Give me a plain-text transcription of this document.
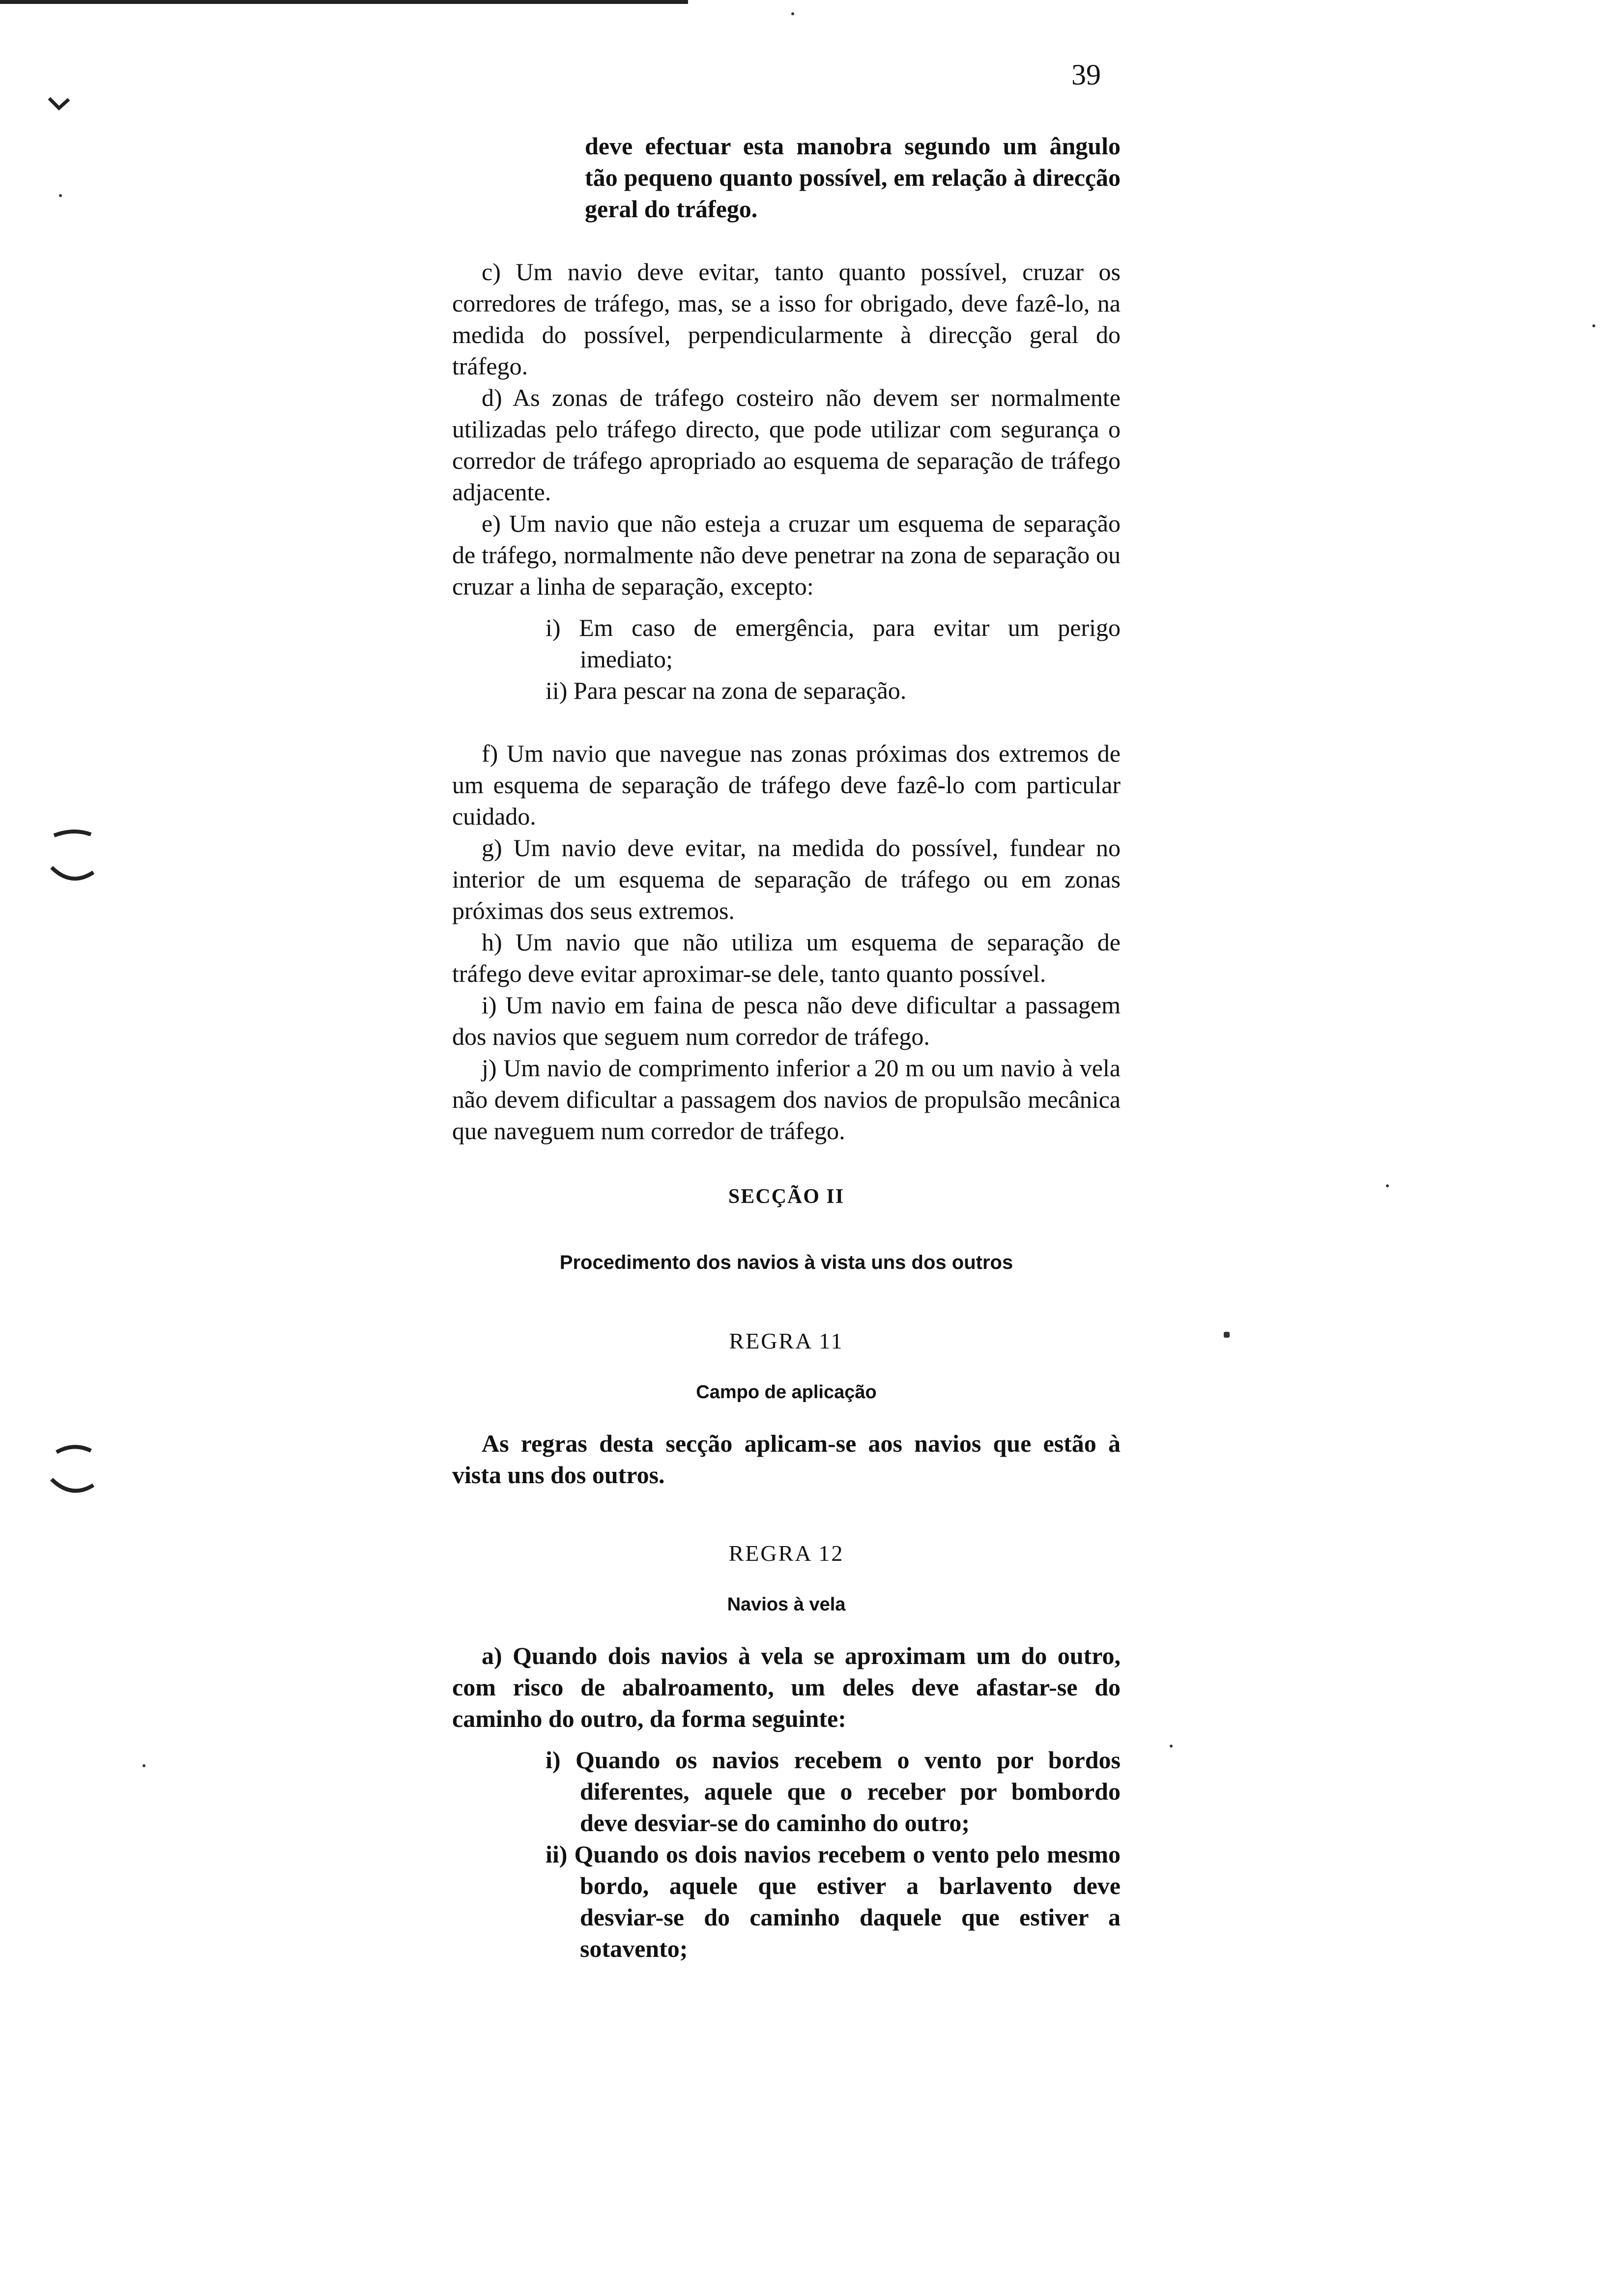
39

deve efectuar esta manobra segundo um ângulo tão pequeno quanto possível, em relação à direcção geral do tráfego.

c) Um navio deve evitar, tanto quanto possível, cruzar os corredores de tráfego, mas, se a isso for obrigado, deve fazê-lo, na medida do possível, perpendicularmente à direcção geral do tráfego.

d) As zonas de tráfego costeiro não devem ser normalmente utilizadas pelo tráfego directo, que pode utilizar com segurança o corredor de tráfego apropriado ao esquema de separação de tráfego adjacente.

e) Um navio que não esteja a cruzar um esquema de separação de tráfego, normalmente não deve penetrar na zona de separação ou cruzar a linha de separação, excepto:

i) Em caso de emergência, para evitar um perigo imediato;

ii) Para pescar na zona de separação.

f) Um navio que navegue nas zonas próximas dos extremos de um esquema de separação de tráfego deve fazê-lo com particular cuidado.

g) Um navio deve evitar, na medida do possível, fundear no interior de um esquema de separação de tráfego ou em zonas próximas dos seus extremos.

h) Um navio que não utiliza um esquema de separação de tráfego deve evitar aproximar-se dele, tanto quanto possível.

i) Um navio em faina de pesca não deve dificultar a passagem dos navios que seguem num corredor de tráfego.

j) Um navio de comprimento inferior a 20 m ou um navio à vela não devem dificultar a passagem dos navios de propulsão mecânica que naveguem num corredor de tráfego.

SECÇÃO II

Procedimento dos navios à vista uns dos outros

REGRA 11

Campo de aplicação

As regras desta secção aplicam-se aos navios que estão à vista uns dos outros.

REGRA 12

Navios à vela

a) Quando dois navios à vela se aproximam um do outro, com risco de abalroamento, um deles deve afastar-se do caminho do outro, da forma seguinte:

i) Quando os navios recebem o vento por bordos diferentes, aquele que o receber por bombordo deve desviar-se do caminho do outro;

ii) Quando os dois navios recebem o vento pelo mesmo bordo, aquele que estiver a barlavento deve desviar-se do caminho daquele que estiver a sotavento;
